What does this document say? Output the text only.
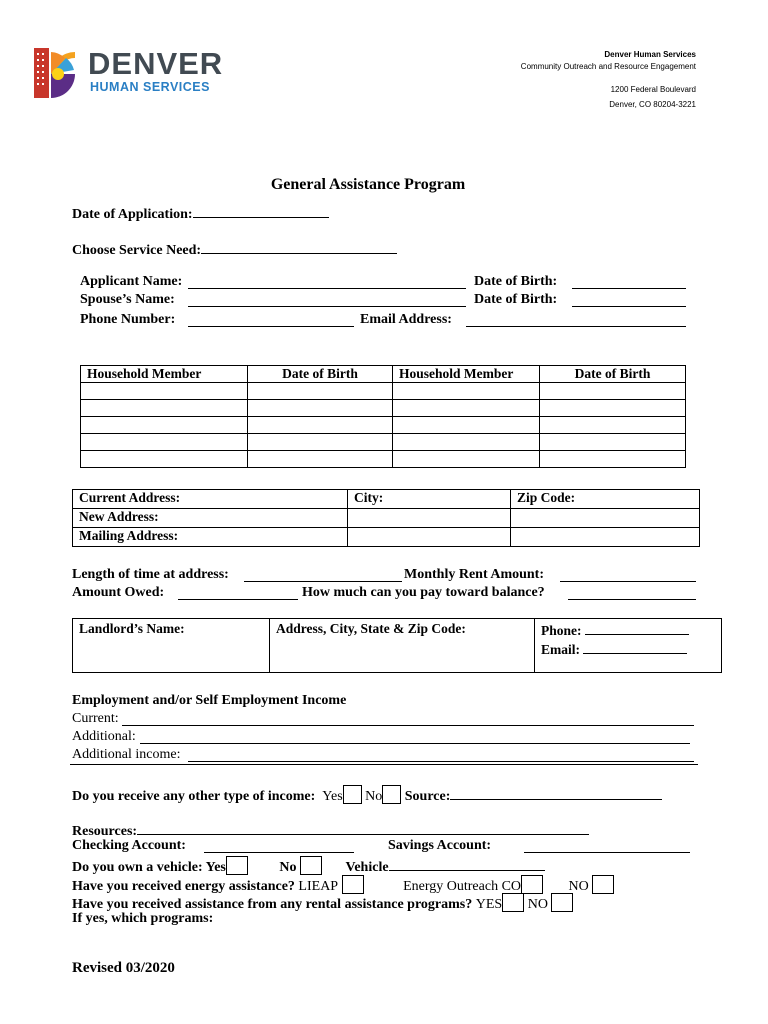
DENVER
HUMAN SERVICES
Denver Human Services
Community Outreach and Resource Engagement
1200 Federal Boulevard
Denver, CO 80204-3221
General Assistance Program
Date of Application:
Choose Service Need:
Applicant Name:	Date of Birth:
Spouse’s Name:	Date of Birth:
Phone Number:	Email Address:
Household Member	Date of Birth	Household Member	Date of Birth

Current Address:	City:	Zip Code:
New Address:		
Mailing Address:		
Length of time at address:	Monthly Rent Amount:
Amount Owed:	How much can you pay toward balance?
Landlord’s Name:	Address, City, State & Zip Code:	Phone:
Email:
Employment and/or Self Employment Income
Current:
Additional:
Additional income:
Do you receive any other type of income: Yes No Source:
Resources:
Checking Account:	Savings Account:
Do you own a vehicle: Yes	No	Vehicle
Have you received energy assistance? LIEAP	Energy Outreach CO	NO
Have you received assistance from any rental assistance programs? YES NO
If yes, which programs:
Revised 03/2020
